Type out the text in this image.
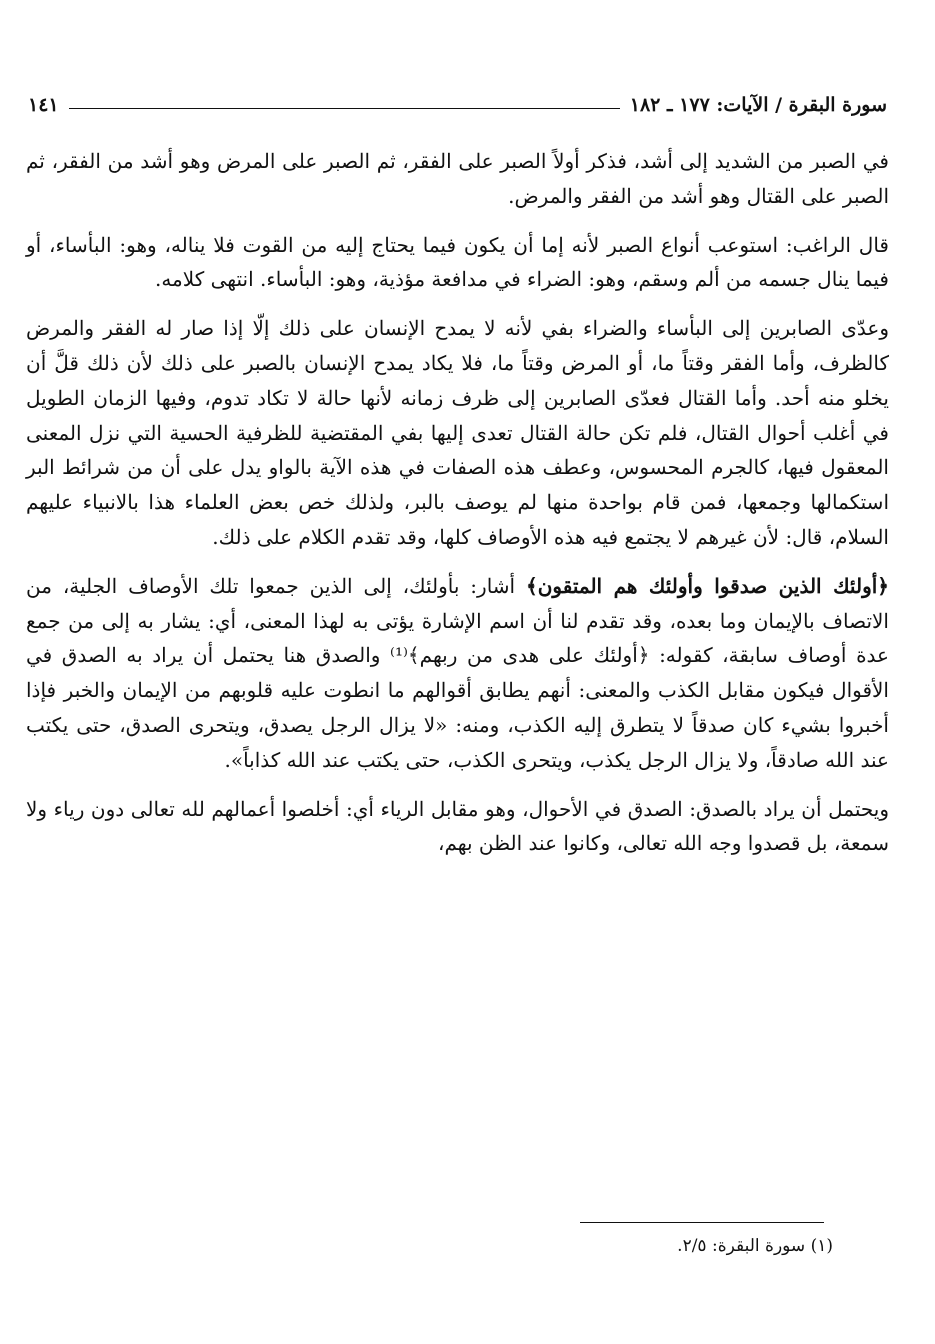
سورة البقرة / الآيات: ١٧٧ ـ ١٨٢
١٤١

في الصبر من الشديد إلى أشد، فذكر أولاً الصبر على الفقر، ثم الصبر على المرض وهو أشد من الفقر، ثم الصبر على القتال وهو أشد من الفقر والمرض.

قال الراغب: استوعب أنواع الصبر لأنه إما أن يكون فيما يحتاج إليه من القوت فلا يناله، وهو: البأساء، أو فيما ينال جسمه من ألم وسقم، وهو: الضراء في مدافعة مؤذية، وهو: البأساء. انتهى كلامه.

وعدّى الصابرين إلى البأساء والضراء بفي لأنه لا يمدح الإنسان على ذلك إلّا إذا صار له الفقر والمرض كالظرف، وأما الفقر وقتاً ما، أو المرض وقتاً ما، فلا يكاد يمدح الإنسان بالصبر على ذلك لأن ذلك قلَّ أن يخلو منه أحد. وأما القتال فعدّى الصابرين إلى ظرف زمانه لأنها حالة لا تكاد تدوم، وفيها الزمان الطويل في أغلب أحوال القتال، فلم تكن حالة القتال تعدى إليها بفي المقتضية للظرفية الحسية التي نزل المعنى المعقول فيها، كالجرم المحسوس، وعطف هذه الصفات في هذه الآية بالواو يدل على أن من شرائط البر استكمالها وجمعها، فمن قام بواحدة منها لم يوصف بالبر، ولذلك خص بعض العلماء هذا بالانبياء عليهم السلام، قال: لأن غيرهم لا يجتمع فيه هذه الأوصاف كلها، وقد تقدم الكلام على ذلك.

﴿أولئك الذين صدقوا وأولئك هم المتقون﴾ أشار: بأولئك، إلى الذين جمعوا تلك الأوصاف الجلية، من الاتصاف بالإيمان وما بعده، وقد تقدم لنا أن اسم الإشارة يؤتى به لهذا المعنى، أي: يشار به إلى من جمع عدة أوصاف سابقة، كقوله: ﴿أولئك على هدى من ربهم﴾⁽¹⁾ والصدق هنا يحتمل أن يراد به الصدق في الأقوال فيكون مقابل الكذب والمعنى: أنهم يطابق أقوالهم ما انطوت عليه قلوبهم من الإيمان والخبر فإذا أخبروا بشيء كان صدقاً لا يتطرق إليه الكذب، ومنه: «لا يزال الرجل يصدق، ويتحرى الصدق، حتى يكتب عند الله صادقاً، ولا يزال الرجل يكذب، ويتحرى الكذب، حتى يكتب عند الله كذاباً».

ويحتمل أن يراد بالصدق: الصدق في الأحوال، وهو مقابل الرياء أي: أخلصوا أعمالهم لله تعالى دون رياء ولا سمعة، بل قصدوا وجه الله تعالى، وكانوا عند الظن بهم،

(١) سورة البقرة: ٢/٥.
